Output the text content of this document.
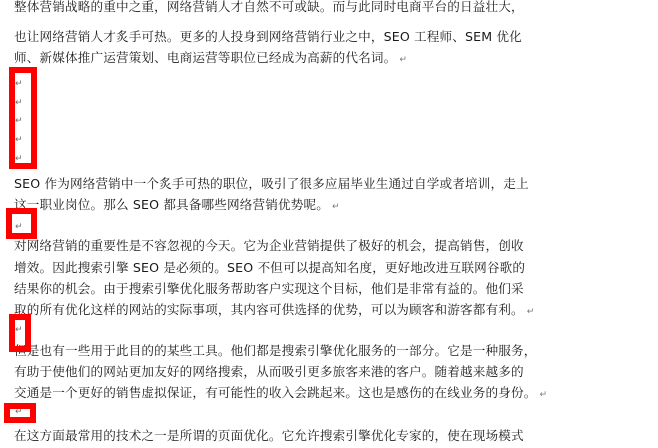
整体营销战略的重中之重，网络营销人才自然不可或缺。而与此同时电商平台的日益壮大，
也让网络营销人才炙手可热。更多的人投身到网络营销行业之中，SEO 工程师、SEM 优化
师、新媒体推广运营策划、电商运营等职位已经成为高薪的代名词。 ↵
↵
↵
↵
↵
↵
SEO 作为网络营销中一个炙手可热的职位，吸引了很多应届毕业生通过自学或者培训，走上
这一职业岗位。那么 SEO 都具备哪些网络营销优势呢。 ↵
↵
对网络营销的重要性是不容忽视的今天。它为企业营销提供了极好的机会，提高销售，创收
增效。因此搜索引擎 SEO 是必须的。SEO 不但可以提高知名度，更好地改进互联网谷歌的
结果你的机会。由于搜索引擎优化服务帮助客户实现这个目标，他们是非常有益的。他们采
取的所有优化这样的网站的实际事项，其内容可供选择的优势，可以为顾客和游客都有利。 ↵
↵
但是也有一些用于此目的的某些工具。他们都是搜索引擎优化服务的一部分。它是一种服务，
有助于使他们的网站更加友好的网络搜索，从而吸引更多旅客来港的客户。随着越来越多的
交通是一个更好的销售虚拟保证，有可能性的收入会跳起来。这也是感伤的在线业务的身份。 ↵
↵
在这方面最常用的技术之一是所谓的页面优化。它允许搜索引擎优化专家的，使在现场模式
